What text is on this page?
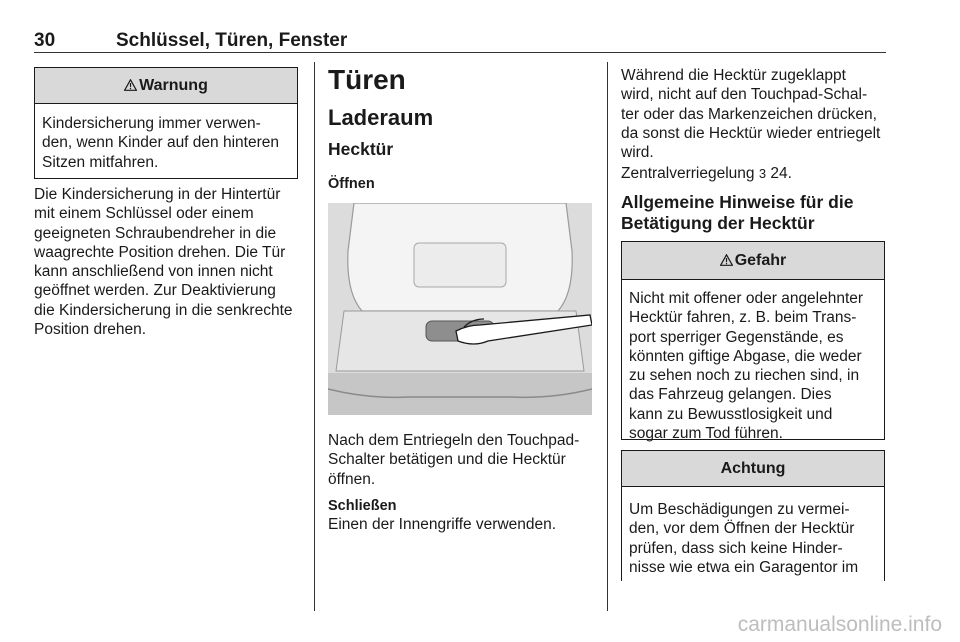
30	Schlüssel, Türen, Fenster
Warnung
Kindersicherung immer verwen-
den, wenn Kinder auf den hinteren
Sitzen mitfahren.
Die Kindersicherung in der Hintertür
mit einem Schlüssel oder einem
geeigneten Schraubendreher in die
waagrechte Position drehen. Die Tür
kann anschließend von innen nicht
geöffnet werden. Zur Deaktivierung
die Kindersicherung in die senkrechte
Position drehen.
Türen
Laderaum
Hecktür
Öffnen
Nach dem Entriegeln den Touchpad-
Schalter betätigen und die Hecktür
öffnen.
Schließen
Einen der Innengriffe verwenden.
Während die Hecktür zugeklappt
wird, nicht auf den Touchpad-Schal-
ter oder das Markenzeichen drücken,
da sonst die Hecktür wieder entriegelt
wird.
Zentralverriegelung 3 24.
Allgemeine Hinweise für die
Betätigung der Hecktür
Gefahr
Nicht mit offener oder angelehnter
Hecktür fahren, z. B. beim Trans-
port sperriger Gegenstände, es
könnten giftige Abgase, die weder
zu sehen noch zu riechen sind, in
das Fahrzeug gelangen. Dies
kann zu Bewusstlosigkeit und
sogar zum Tod führen.
Achtung
Um Beschädigungen zu vermei-
den, vor dem Öffnen der Hecktür
prüfen, dass sich keine Hinder-
nisse wie etwa ein Garagentor im
carmanualsonline.info
